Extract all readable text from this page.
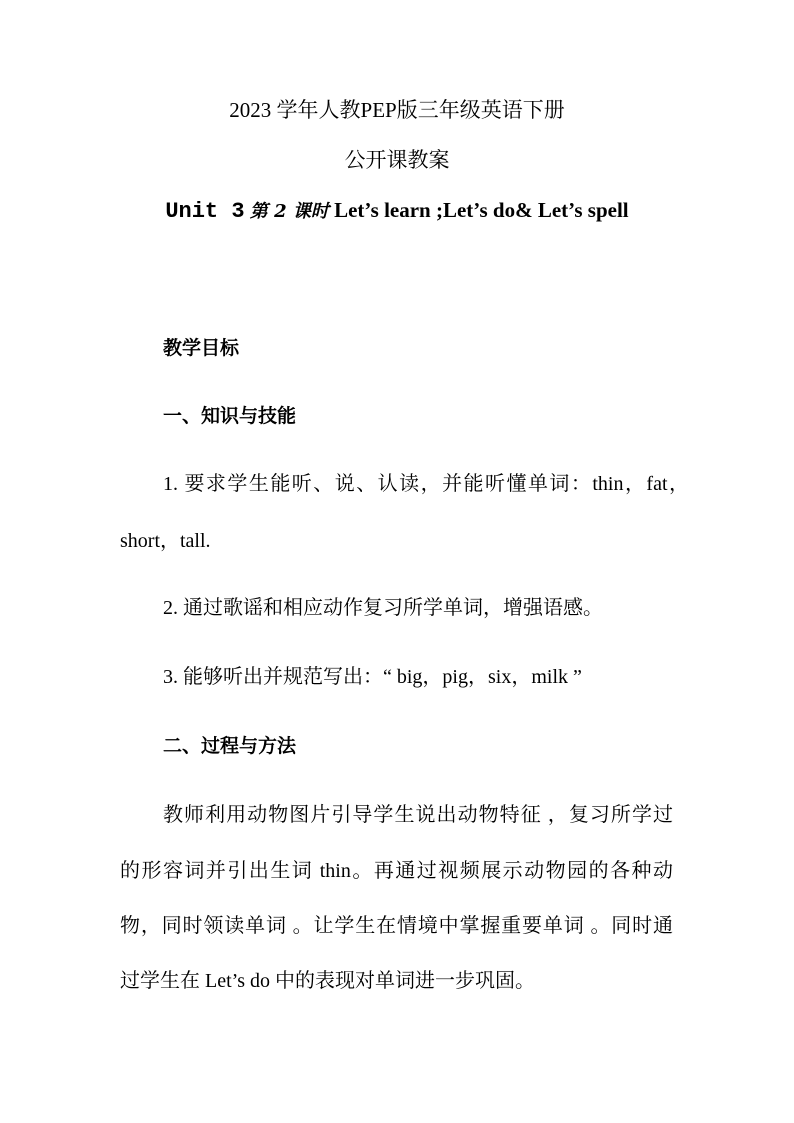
2023 学年人教PEP版三年级英语下册
公开课教案
Unit 3 第 2 课时 Let’s learn ;Let’s do& Let’s spell
教学目标
一、知识与技能
1. 要求学生能听、说、认读，并能听懂单词：thin，fat，
short，tall.
2. 通过歌谣和相应动作复习所学单词，增强语感。
3. 能够听出并规范写出：“ big，pig，six，milk ”
二、过程与方法
教师利用动物图片引导学生说出动物特征 ，复习所学过
的形容词并引出生词 thin。再通过视频展示动物园的各种动
物，同时领读单词 。让学生在情境中掌握重要单词 。同时通
过学生在 Let’s do 中的表现对单词进一步巩固。
